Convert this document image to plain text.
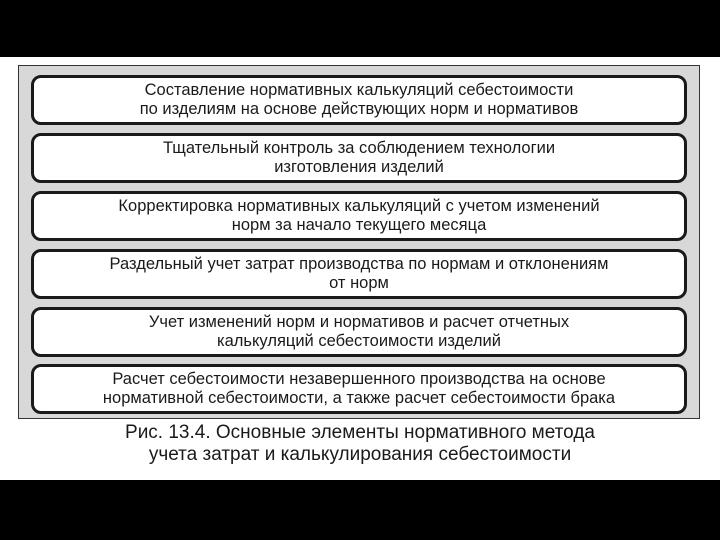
Составление нормативных калькуляций себестоимости
по изделиям на основе действующих норм и нормативов
Тщательный контроль за соблюдением технологии
изготовления изделий
Корректировка нормативных калькуляций с учетом изменений
норм за начало текущего месяца
Раздельный учет затрат производства по нормам и отклонениям
от норм
Учет изменений норм и нормативов и расчет отчетных
калькуляций себестоимости изделий
Расчет себестоимости незавершенного производства на основе
нормативной себестоимости, а также расчет себестоимости брака
Рис. 13.4. Основные элементы нормативного метода
учета затрат и калькулирования себестоимости
